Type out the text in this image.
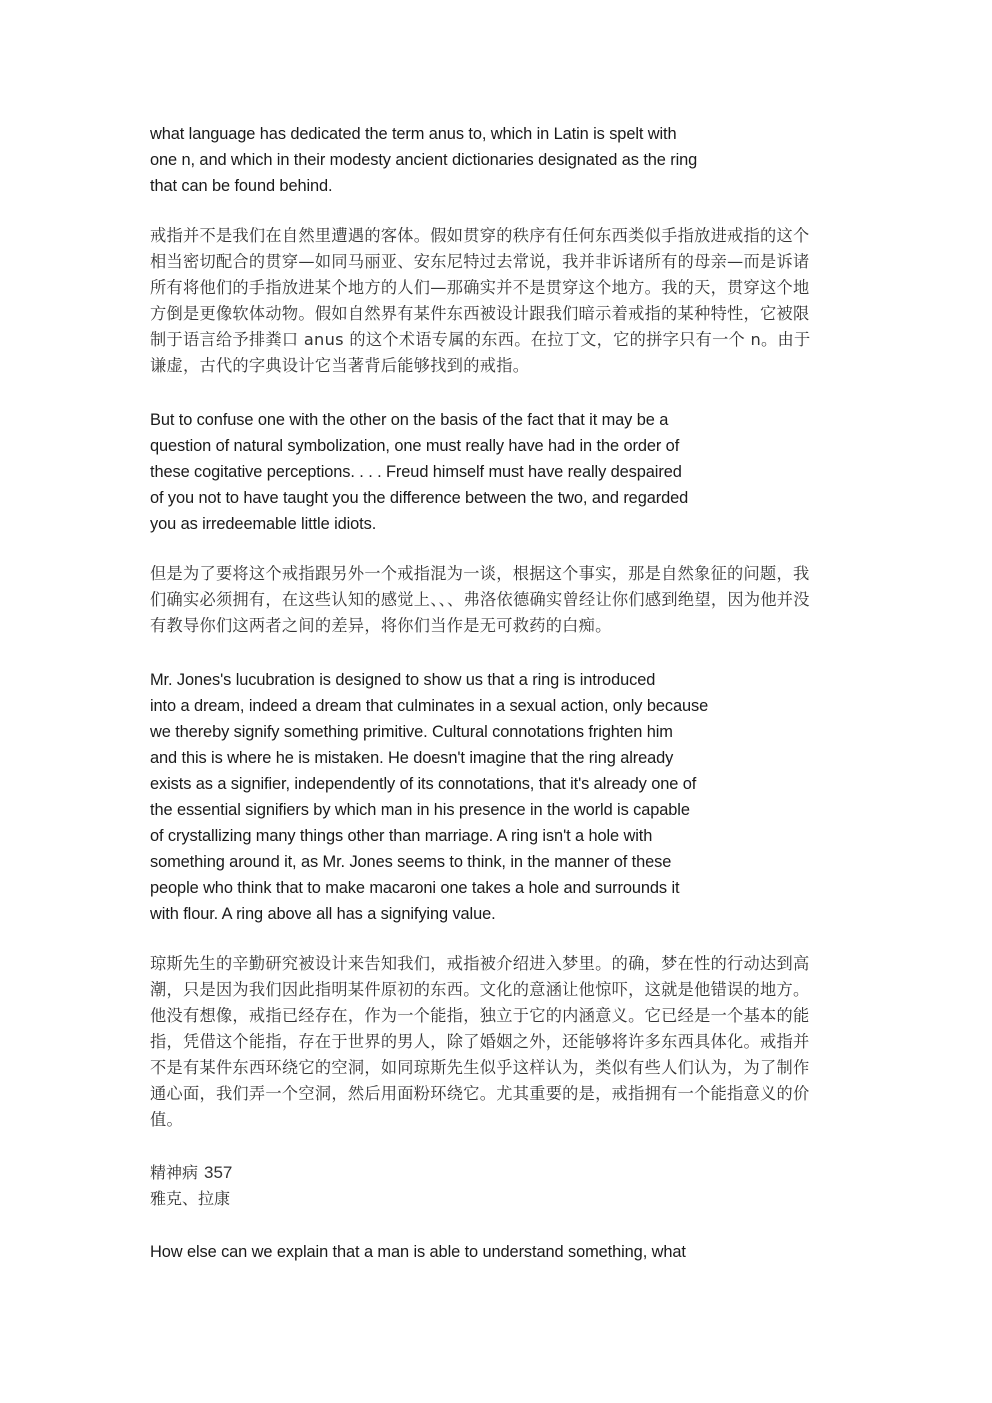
what language has dedicated the term anus to, which in Latin is spelt with
one n, and which in their modesty ancient dictionaries designated as the ring
that can be found behind.
戒指并不是我们在自然里遭遇的客体。假如贯穿的秩序有任何东西类似手指放进戒指的这个
相当密切配合的贯穿—如同马丽亚、安东尼特过去常说，我并非诉诸所有的母亲—而是诉诸
所有将他们的手指放进某个地方的人们—那确实并不是贯穿这个地方。我的天，贯穿这个地
方倒是更像软体动物。假如自然界有某件东西被设计跟我们暗示着戒指的某种特性，它被限
制于语言给予排粪口 anus 的这个术语专属的东西。在拉丁文，它的拼字只有一个 n。由于
谦虚，古代的字典设计它当著背后能够找到的戒指。
But to confuse one with the other on the basis of the fact that it may be a
question of natural symbolization, one must really have had in the order of
these cogitative perceptions. . . . Freud himself must have really despaired
of you not to have taught you the difference between the two, and regarded
you as irredeemable little idiots.
但是为了要将这个戒指跟另外一个戒指混为一谈，根据这个事实，那是自然象征的问题，我
们确实必须拥有，在这些认知的感觉上、、、弗洛依德确实曾经让你们感到绝望，因为他并没
有教导你们这两者之间的差异，将你们当作是无可救药的白痴。
Mr. Jones's lucubration is designed to show us that a ring is introduced
into a dream, indeed a dream that culminates in a sexual action, only because
we thereby signify something primitive. Cultural connotations frighten him
and this is where he is mistaken. He doesn't imagine that the ring already
exists as a signifier, independently of its connotations, that it's already one of
the essential signifiers by which man in his presence in the world is capable
of crystallizing many things other than marriage. A ring isn't a hole with
something around it, as Mr. Jones seems to think, in the manner of these
people who think that to make macaroni one takes a hole and surrounds it
with flour. A ring above all has a signifying value.
琼斯先生的辛勤研究被设计来告知我们，戒指被介绍进入梦里。的确，梦在性的行动达到高
潮，只是因为我们因此指明某件原初的东西。文化的意涵让他惊吓，这就是他错误的地方。
他没有想像，戒指已经存在，作为一个能指，独立于它的内涵意义。它已经是一个基本的能
指，凭借这个能指，存在于世界的男人，除了婚姻之外，还能够将许多东西具体化。戒指并
不是有某件东西环绕它的空洞，如同琼斯先生似乎这样认为，类似有些人们认为，为了制作
通心面，我们弄一个空洞，然后用面粉环绕它。尤其重要的是，戒指拥有一个能指意义的价
值。
精神病 357
雅克、拉康
How else can we explain that a man is able to understand something, what
